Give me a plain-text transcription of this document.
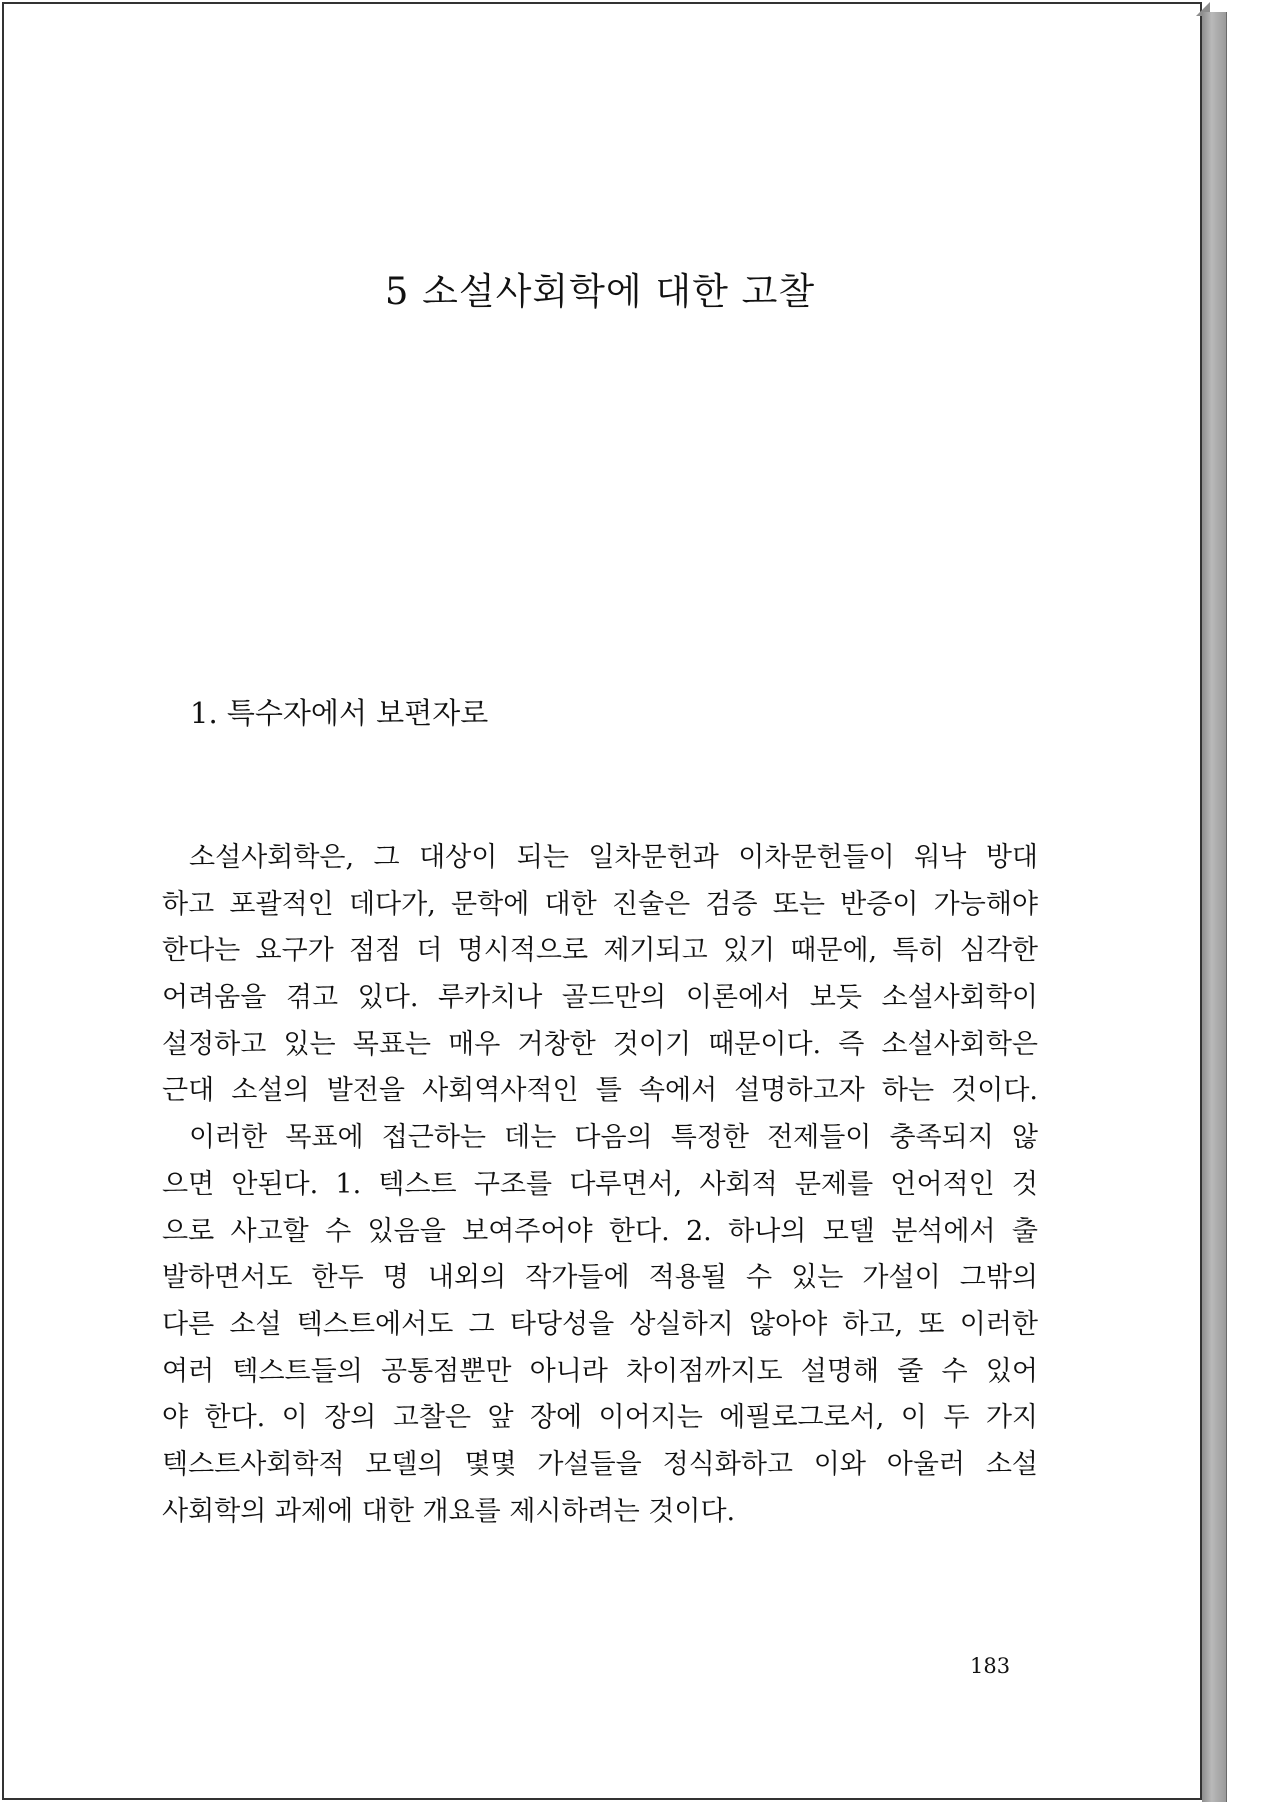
5 소설사회학에 대한 고찰
1. 특수자에서 보편자로
소설사회학은, 그 대상이 되는 일차문헌과 이차문헌들이 워낙 방대
하고 포괄적인 데다가, 문학에 대한 진술은 검증 또는 반증이 가능해야
한다는 요구가 점점 더 명시적으로 제기되고 있기 때문에, 특히 심각한
어려움을 겪고 있다. 루카치나 골드만의 이론에서 보듯 소설사회학이
설정하고 있는 목표는 매우 거창한 것이기 때문이다. 즉 소설사회학은
근대 소설의 발전을 사회역사적인 틀 속에서 설명하고자 하는 것이다.
이러한 목표에 접근하는 데는 다음의 특정한 전제들이 충족되지 않
으면 안된다. 1. 텍스트 구조를 다루면서, 사회적 문제를 언어적인 것
으로 사고할 수 있음을 보여주어야 한다. 2. 하나의 모델 분석에서 출
발하면서도 한두 명 내외의 작가들에 적용될 수 있는 가설이 그밖의
다른 소설 텍스트에서도 그 타당성을 상실하지 않아야 하고, 또 이러한
여러 텍스트들의 공통점뿐만 아니라 차이점까지도 설명해 줄 수 있어
야 한다. 이 장의 고찰은 앞 장에 이어지는 에필로그로서, 이 두 가지
텍스트사회학적 모델의 몇몇 가설들을 정식화하고 이와 아울러 소설
사회학의 과제에 대한 개요를 제시하려는 것이다.

183
